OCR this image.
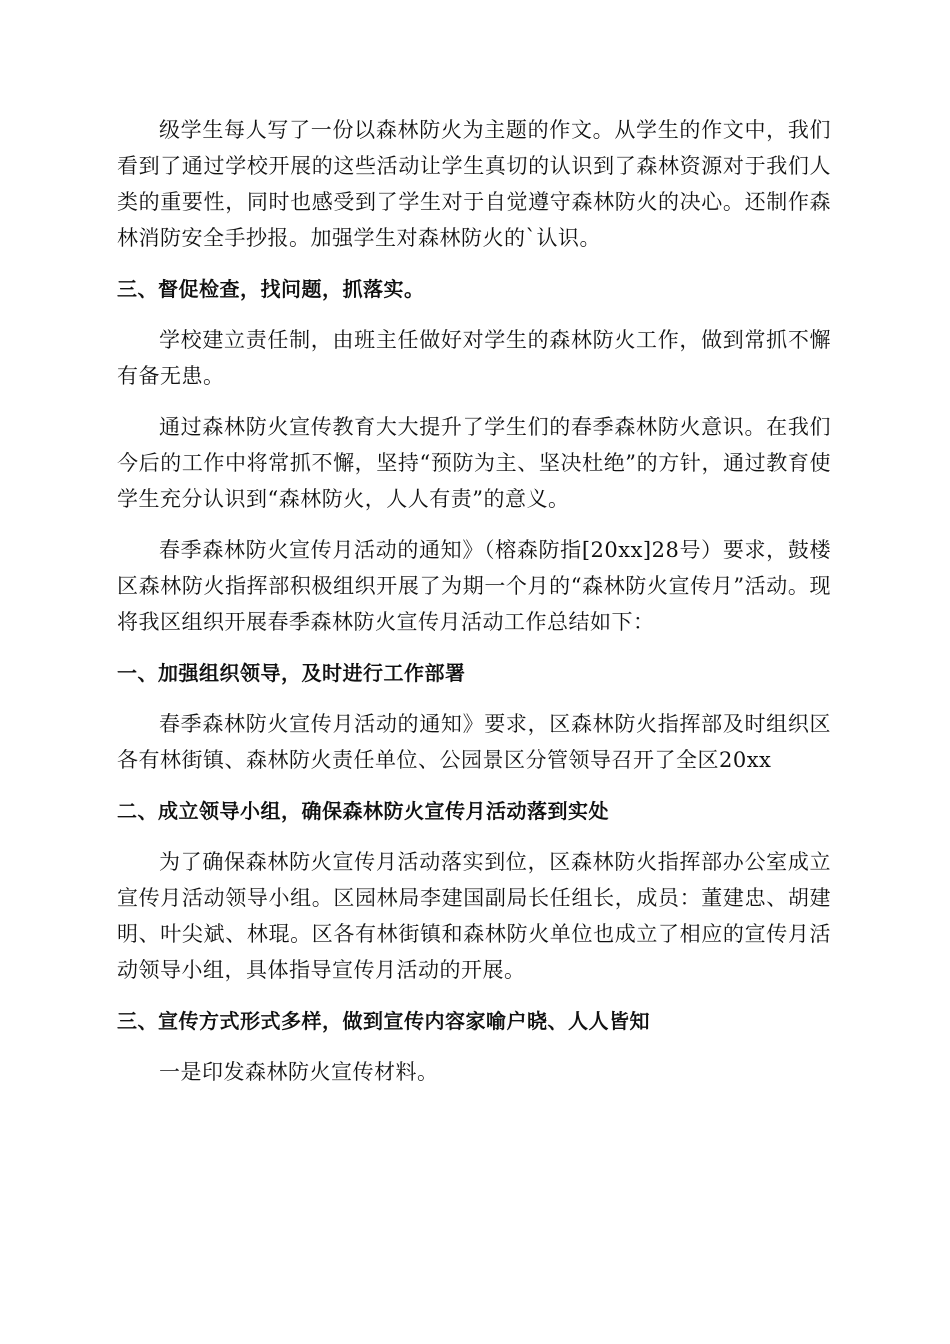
级学生每人写了一份以森林防火为主题的作文。从学生的作文中，我们看到了通过学校开展的这些活动让学生真切的认识到了森林资源对于我们人类的重要性，同时也感受到了学生对于自觉遵守森林防火的决心。还制作森林消防安全手抄报。加强学生对森林防火的`认识。

三、督促检查，找问题，抓落实。

学校建立责任制，由班主任做好对学生的森林防火工作，做到常抓不懈有备无患。

通过森林防火宣传教育大大提升了学生们的春季森林防火意识。在我们今后的工作中将常抓不懈，坚持“预防为主、坚决杜绝”的方针，通过教育使学生充分认识到“森林防火，人人有责”的意义。

春季森林防火宣传月活动的通知》（榕森防指[20xx]28号）要求，鼓楼区森林防火指挥部积极组织开展了为期一个月的“森林防火宣传月”活动。现将我区组织开展春季森林防火宣传月活动工作总结如下：

一、加强组织领导，及时进行工作部署

春季森林防火宣传月活动的通知》要求，区森林防火指挥部及时组织区各有林街镇、森林防火责任单位、公园景区分管领导召开了全区20xx

二、成立领导小组，确保森林防火宣传月活动落到实处

为了确保森林防火宣传月活动落实到位，区森林防火指挥部办公室成立宣传月活动领导小组。区园林局李建国副局长任组长，成员：董建忠、胡建明、叶尖斌、林琨。区各有林街镇和森林防火单位也成立了相应的宣传月活动领导小组，具体指导宣传月活动的开展。

三、宣传方式形式多样，做到宣传内容家喻户晓、人人皆知

一是印发森林防火宣传材料。
